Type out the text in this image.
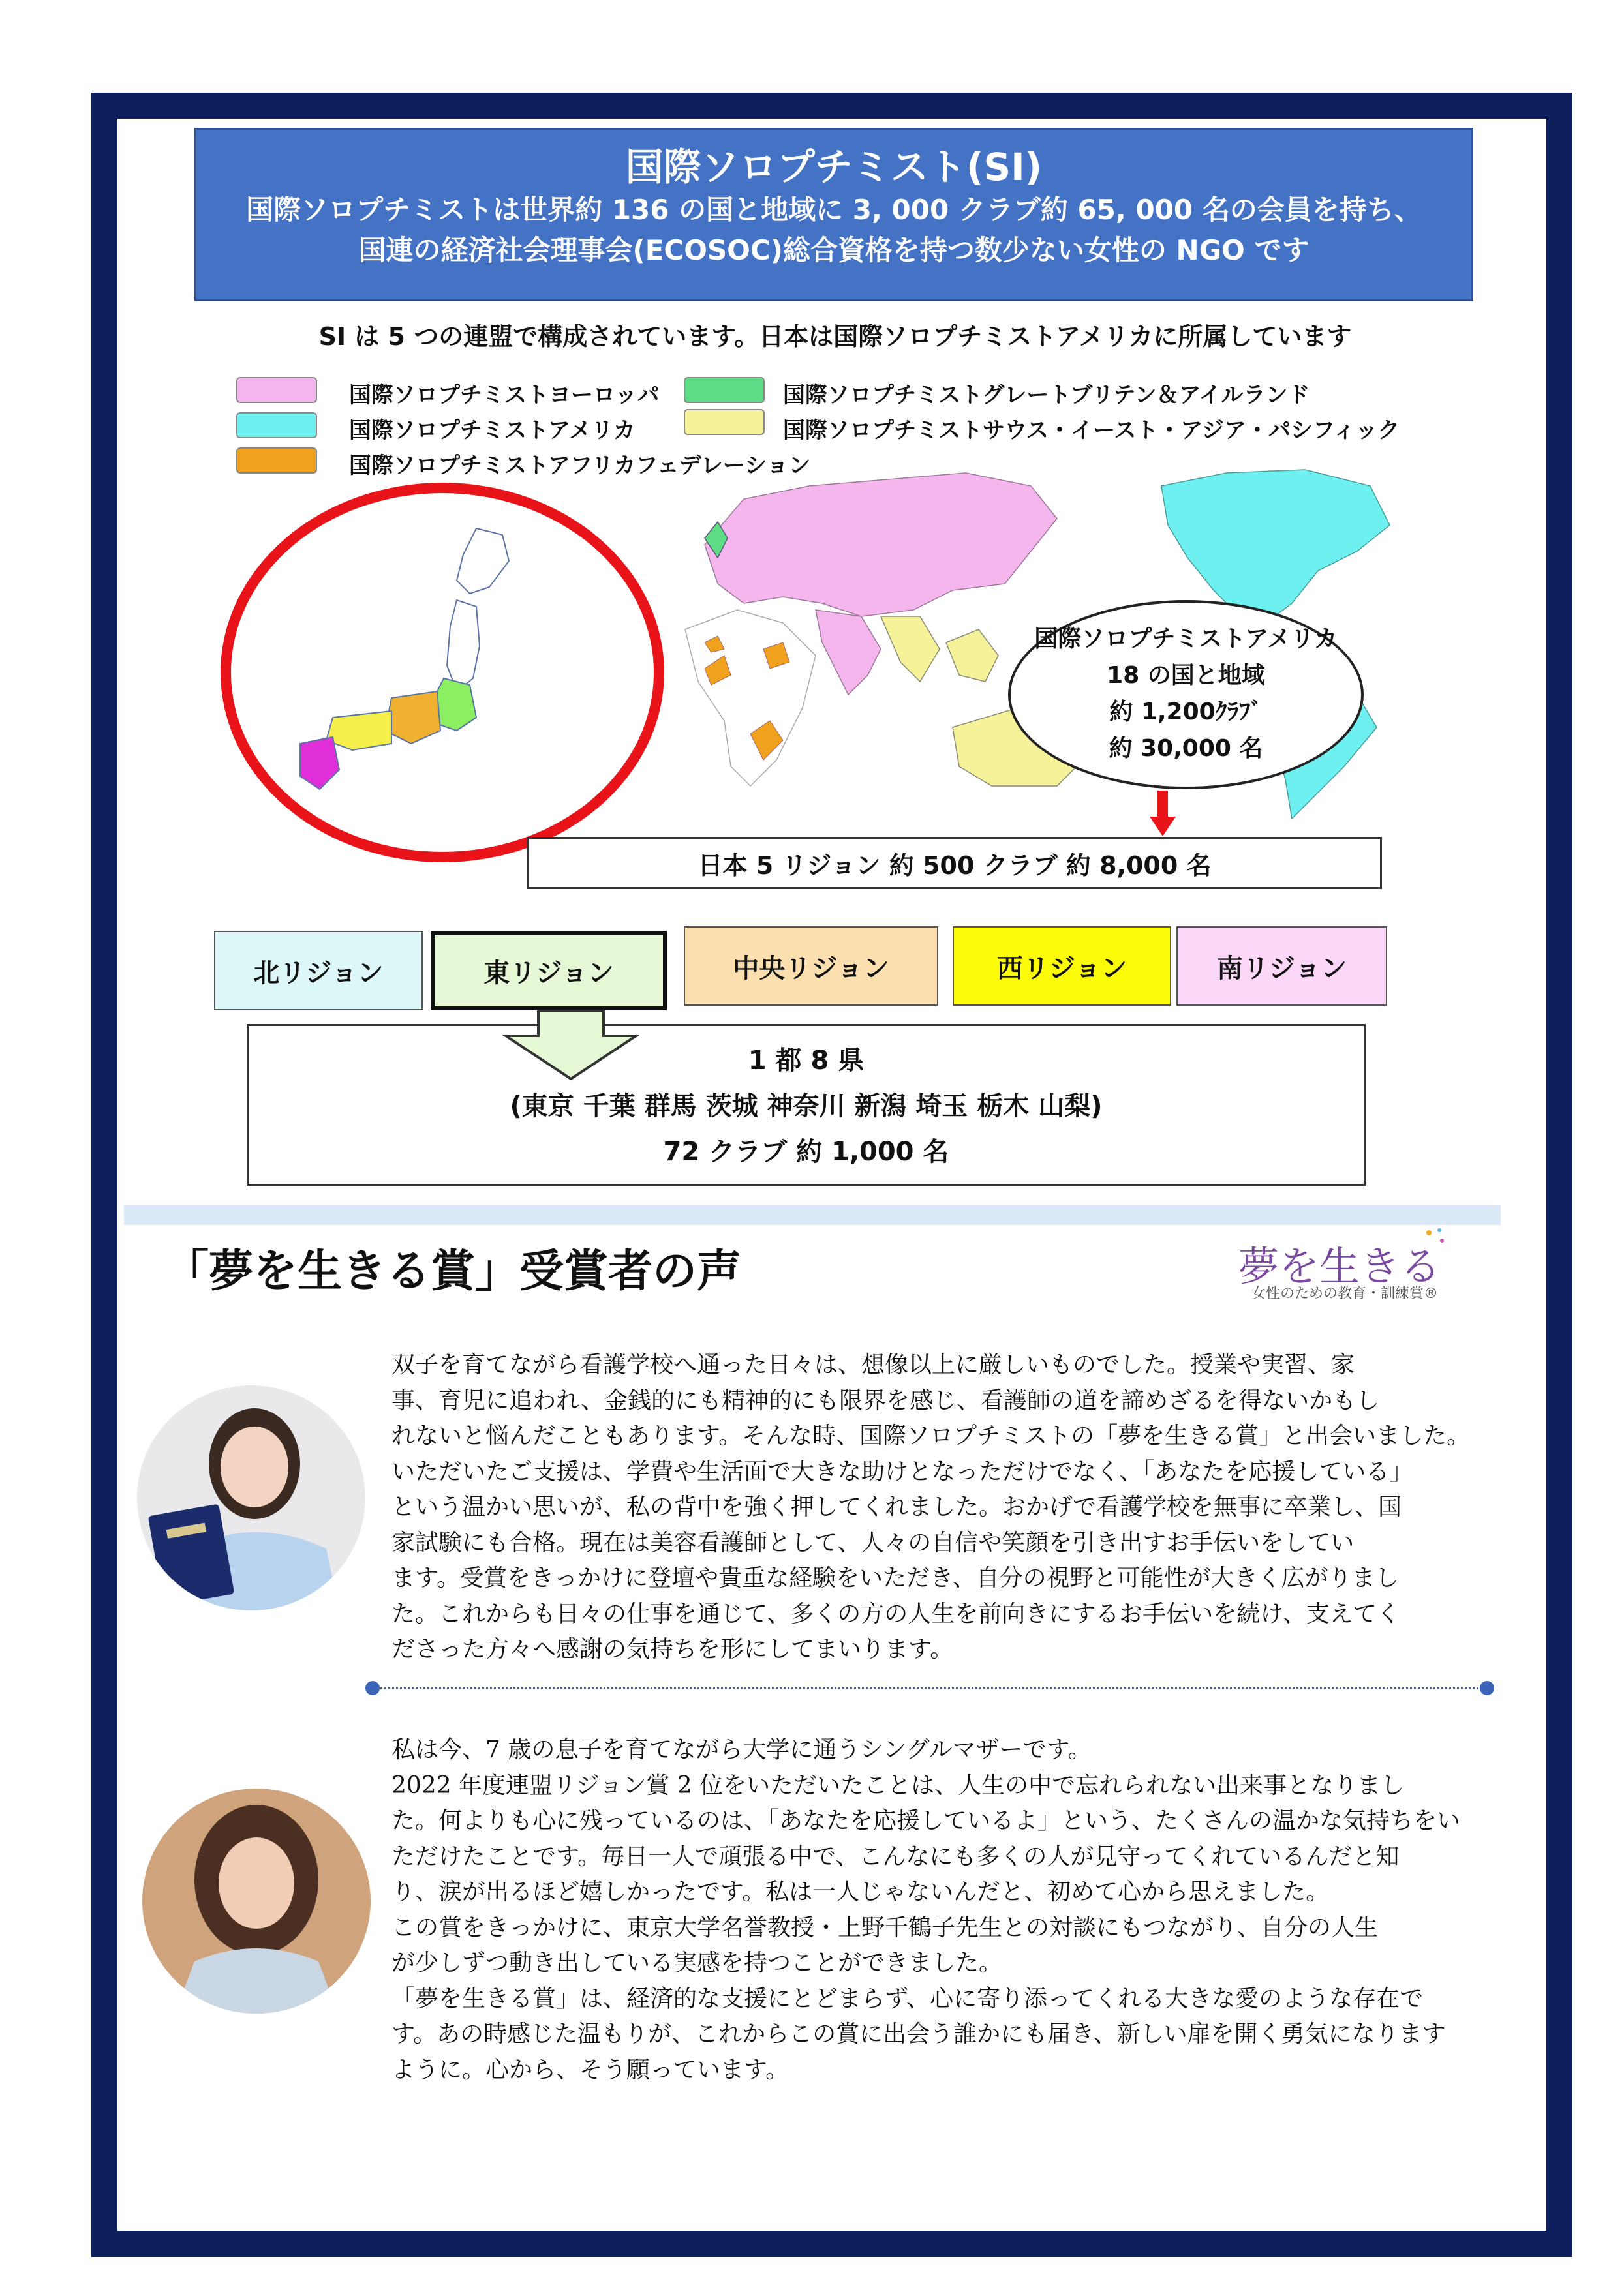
国際ソロプチミスト(SI)
国際ソロプチミストは世界約 136 の国と地域に 3, 000 クラブ約 65, 000 名の会員を持ち、
国連の経済社会理事会(ECOSOC)総合資格を持つ数少ない女性の NGO です
SI は 5 つの連盟で構成されています。日本は国際ソロプチミストアメリカに所属しています
国際ソロプチミストヨーロッパ
国際ソロプチミストアメリカ
国際ソロプチミストアフリカフェデレーション
国際ソロプチミストグレートブリテン＆アイルランド
国際ソロプチミストサウス・イースト・アジア・パシフィック
国際ソロプチミストアメリカ
18 の国と地域
約 1,200ｸﾗﾌﾞ
約 30,000 名
日本 5 リジョン 約 500 クラブ 約 8,000 名
北リジョン	東リジョン	中央リジョン	西リジョン	南リジョン
1 都 8 県
(東京 千葉 群馬 茨城 神奈川 新潟 埼玉 栃木 山梨)
72 クラブ 約 1,000 名
「夢を生きる賞」受賞者の声	夢を生きる
女性のための教育・訓練賞®
双子を育てながら看護学校へ通った日々は、想像以上に厳しいものでした。授業や実習、家
事、育児に追われ、金銭的にも精神的にも限界を感じ、看護師の道を諦めざるを得ないかもし
れないと悩んだこともあります。そんな時、国際ソロプチミストの「夢を生きる賞」と出会いました。
いただいたご支援は、学費や生活面で大きな助けとなっただけでなく、「あなたを応援している」
という温かい思いが、私の背中を強く押してくれました。おかげで看護学校を無事に卒業し、国
家試験にも合格。現在は美容看護師として、人々の自信や笑顔を引き出すお手伝いをしてい
ます。受賞をきっかけに登壇や貴重な経験をいただき、自分の視野と可能性が大きく広がりまし
た。これからも日々の仕事を通じて、多くの方の人生を前向きにするお手伝いを続け、支えてく
ださった方々へ感謝の気持ちを形にしてまいります。
私は今、7 歳の息子を育てながら大学に通うシングルマザーです。
2022 年度連盟リジョン賞 2 位をいただいたことは、人生の中で忘れられない出来事となりまし
た。何よりも心に残っているのは、「あなたを応援しているよ」という、たくさんの温かな気持ちをい
ただけたことです。毎日一人で頑張る中で、こんなにも多くの人が見守ってくれているんだと知
り、涙が出るほど嬉しかったです。私は一人じゃないんだと、初めて心から思えました。
この賞をきっかけに、東京大学名誉教授・上野千鶴子先生との対談にもつながり、自分の人生
が少しずつ動き出している実感を持つことができました。
「夢を生きる賞」は、経済的な支援にとどまらず、心に寄り添ってくれる大きな愛のような存在で
す。あの時感じた温もりが、これからこの賞に出会う誰かにも届き、新しい扉を開く勇気になります
ように。心から、そう願っています。
